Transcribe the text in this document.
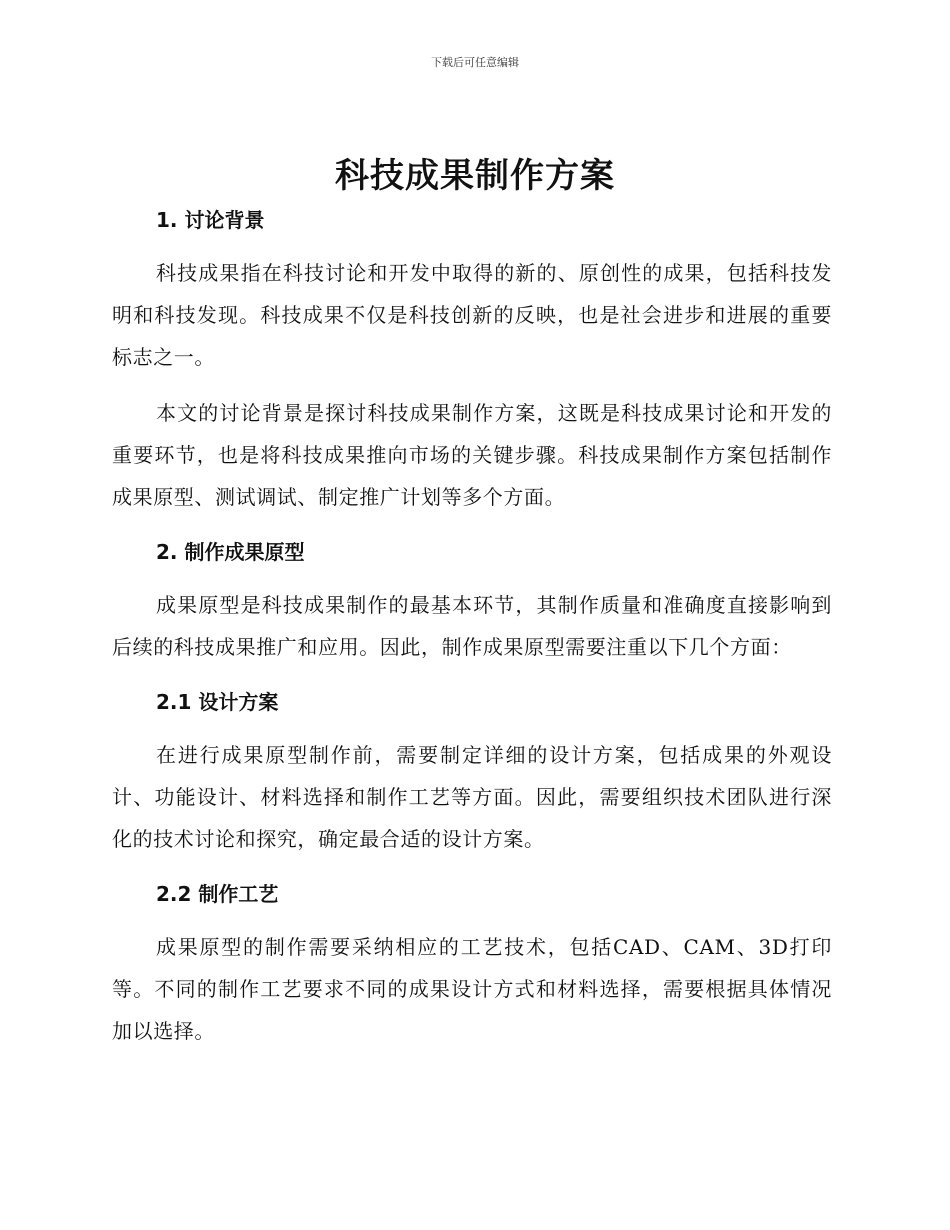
下载后可任意编辑
科技成果制作方案
1. 讨论背景

科技成果指在科技讨论和开发中取得的新的、原创性的成果，包括科技发明和科技发现。科技成果不仅是科技创新的反映，也是社会进步和进展的重要标志之一。

本文的讨论背景是探讨科技成果制作方案，这既是科技成果讨论和开发的重要环节，也是将科技成果推向市场的关键步骤。科技成果制作方案包括制作成果原型、测试调试、制定推广计划等多个方面。

2. 制作成果原型

成果原型是科技成果制作的最基本环节，其制作质量和准确度直接影响到后续的科技成果推广和应用。因此，制作成果原型需要注重以下几个方面：

2.1 设计方案

在进行成果原型制作前，需要制定详细的设计方案，包括成果的外观设计、功能设计、材料选择和制作工艺等方面。因此，需要组织技术团队进行深化的技术讨论和探究，确定最合适的设计方案。

2.2 制作工艺

成果原型的制作需要采纳相应的工艺技术，包括CAD、CAM、3D打印等。不同的制作工艺要求不同的成果设计方式和材料选择，需要根据具体情况加以选择。
